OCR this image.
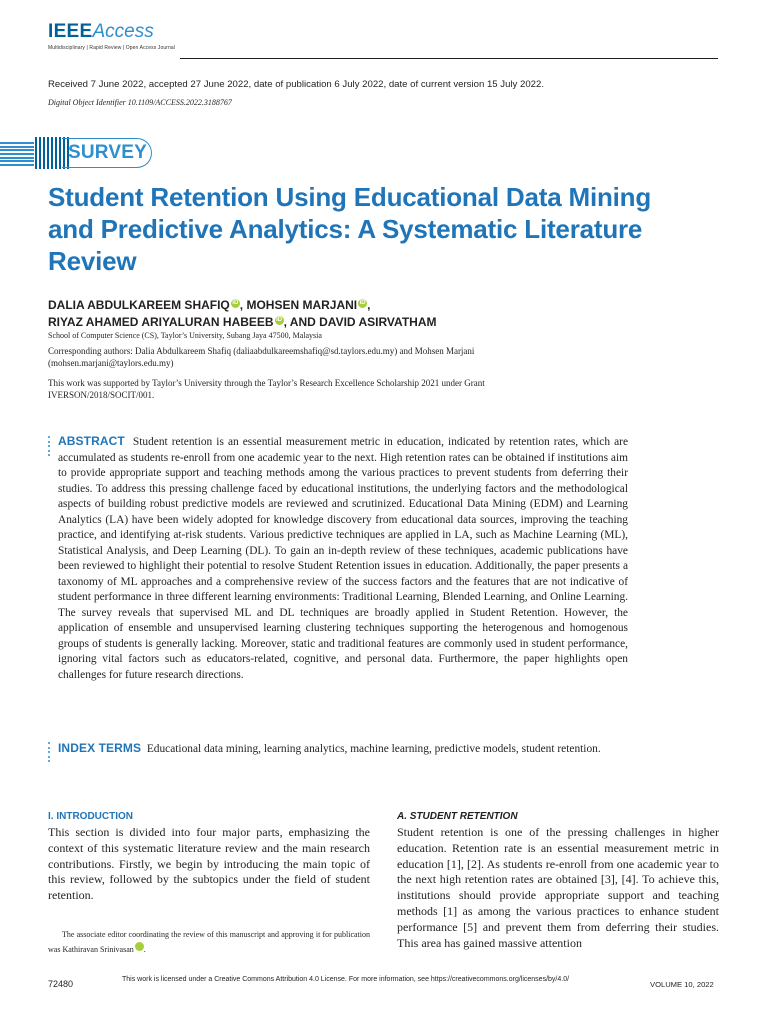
IEEEAccess
Multidisciplinary | Rapid Review | Open Access Journal
Received 7 June 2022, accepted 27 June 2022, date of publication 6 July 2022, date of current version 15 July 2022.
Digital Object Identifier 10.1109/ACCESS.2022.3188767
SURVEY
Student Retention Using Educational Data Mining and Predictive Analytics: A Systematic Literature Review
DALIA ABDULKAREEM SHAFIQ iD , MOHSEN MARJANI iD ,
RIYAZ AHAMED ARIYALURAN HABEEB iD , AND DAVID ASIRVATHAM
School of Computer Science (CS), Taylor’s University, Subang Jaya 47500, Malaysia
Corresponding authors: Dalia Abdulkareem Shafiq (daliaabdulkareemshafiq@sd.taylors.edu.my) and Mohsen Marjani (mohsen.marjani@taylors.edu.my)
This work was supported by Taylor’s University through the Taylor’s Research Excellence Scholarship 2021 under Grant IVERSON/2018/SOCIT/001.
ABSTRACT Student retention is an essential measurement metric in education, indicated by retention rates, which are accumulated as students re-enroll from one academic year to the next. High retention rates can be obtained if institutions aim to provide appropriate support and teaching methods among the various practices to prevent students from deferring their studies. To address this pressing challenge faced by educational institutions, the underlying factors and the methodological aspects of building robust predictive models are reviewed and scrutinized. Educational Data Mining (EDM) and Learning Analytics (LA) have been widely adopted for knowledge discovery from educational data sources, improving the teaching practice, and identifying at-risk students. Various predictive techniques are applied in LA, such as Machine Learning (ML), Statistical Analysis, and Deep Learning (DL). To gain an in-depth review of these techniques, academic publications have been reviewed to highlight their potential to resolve Student Retention issues in education. Additionally, the paper presents a taxonomy of ML approaches and a comprehensive review of the success factors and the features that are not indicative of student performance in three different learning environments: Traditional Learning, Blended Learning, and Online Learning. The survey reveals that supervised ML and DL techniques are broadly applied in Student Retention. However, the application of ensemble and unsupervised learning clustering techniques supporting the heterogenous and homogenous groups of students is generally lacking. Moreover, static and traditional features are commonly used in student performance, ignoring vital factors such as educators-related, cognitive, and personal data. Furthermore, the paper highlights open challenges for future research directions.
INDEX TERMS Educational data mining, learning analytics, machine learning, predictive models, student retention.
I. INTRODUCTION
This section is divided into four major parts, emphasizing the context of this systematic literature review and the main research contributions. Firstly, we begin by introducing the main topic of this review, followed by the subtopics under the field of student retention.
The associate editor coordinating the review of this manuscript and approving it for publication was Kathiravan Srinivasan	iD.
A. STUDENT RETENTION
Student retention is one of the pressing challenges in higher education. Retention rate is an essential measurement metric in education [1], [2]. As students re-enroll from one academic year to the next high retention rates are obtained [3], [4]. To achieve this, institutions should provide appropriate support and teaching methods [1] as among the various practices to enhance student performance [5] and prevent them from deferring their studies. This area has gained massive attention
72480	This work is licensed under a Creative Commons Attribution 4.0 License. For more information, see https://creativecommons.org/licenses/by/4.0/
VOLUME 10, 2022
